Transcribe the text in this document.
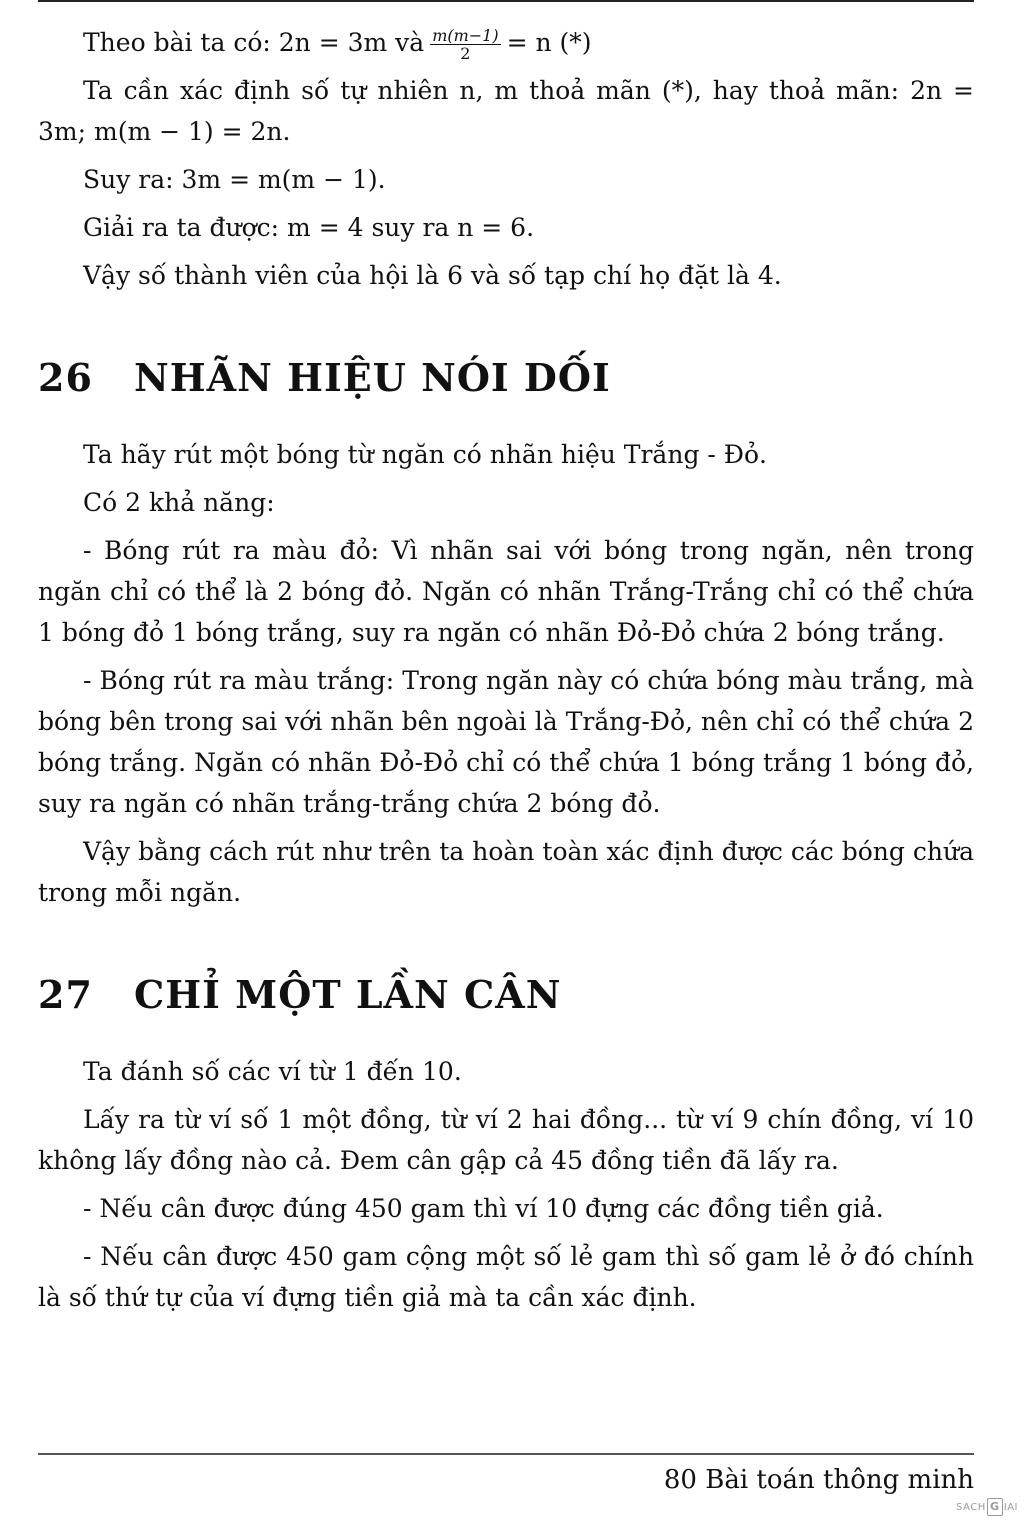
Theo bài ta có: 2n = 3m và $\frac{m(m-1)}{2} = n$ (*)

Ta cần xác định số tự nhiên n, m thoả mãn (*), hay thoả mãn: 2n = 3m; m(m − 1) = 2n.

Suy ra: 3m = m(m − 1).

Giải ra ta được: m = 4 suy ra n = 6.

Vậy số thành viên của hội là 6 và số tạp chí họ đặt là 4.

26 NHÃN HIỆU NÓI DỐI

Ta hãy rút một bóng từ ngăn có nhãn hiệu Trắng - Đỏ.

Có 2 khả năng:

- Bóng rút ra màu đỏ: Vì nhãn sai với bóng trong ngăn, nên trong ngăn chỉ có thể là 2 bóng đỏ. Ngăn có nhãn Trắng-Trắng chỉ có thể chứa 1 bóng đỏ 1 bóng trắng, suy ra ngăn có nhãn Đỏ-Đỏ chứa 2 bóng trắng.

- Bóng rút ra màu trắng: Trong ngăn này có chứa bóng màu trắng, mà bóng bên trong sai với nhãn bên ngoài là Trắng-Đỏ, nên chỉ có thể chứa 2 bóng trắng. Ngăn có nhãn Đỏ-Đỏ chỉ có thể chứa 1 bóng trắng 1 bóng đỏ, suy ra ngăn có nhãn trắng-trắng chứa 2 bóng đỏ.

Vậy bằng cách rút như trên ta hoàn toàn xác định được các bóng chứa trong mỗi ngăn.

27 CHỈ MỘT LẦN CÂN

Ta đánh số các ví từ 1 đến 10.

Lấy ra từ ví số 1 một đồng, từ ví 2 hai đồng... từ ví 9 chín đồng, ví 10 không lấy đồng nào cả. Đem cân gập cả 45 đồng tiền đã lấy ra.

- Nếu cân được đúng 450 gam thì ví 10 đựng các đồng tiền giả.

- Nếu cân được 450 gam cộng một số lẻ gam thì số gam lẻ ở đó chính là số thứ tự của ví đựng tiền giả mà ta cần xác định.

80 Bài toán thông minh
SACH G IAI
